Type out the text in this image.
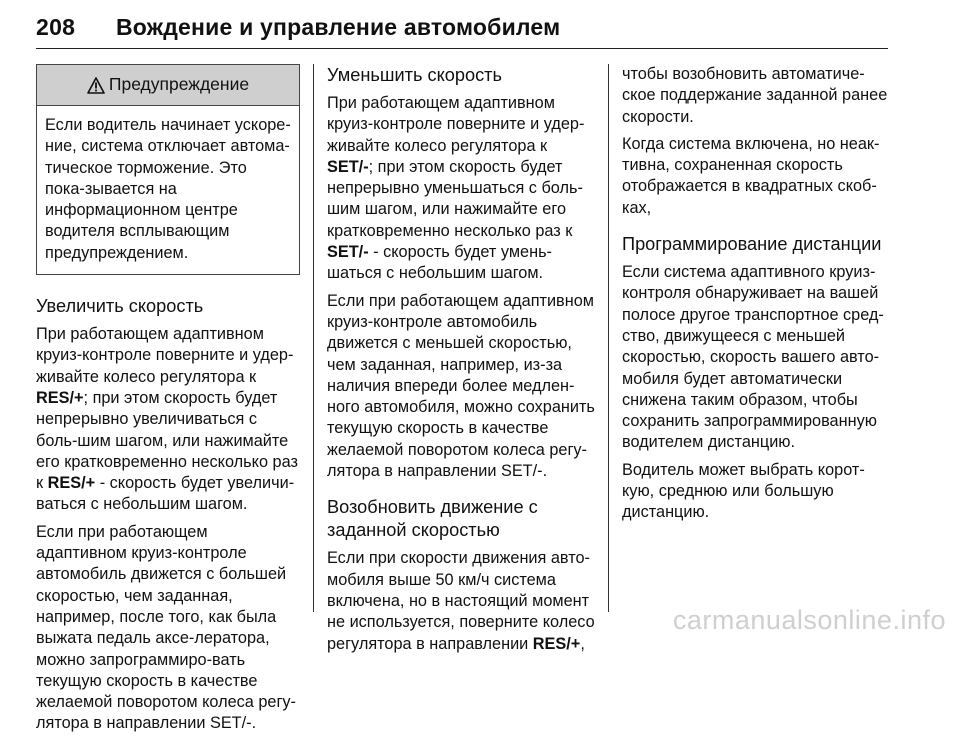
208 Вождение и управление автомобилем
Предупреждение
Если водитель начинает ускоре-ние, система отключает автома-тическое торможение. Это пока-зывается на информационном центре водителя всплывающим предупреждением.
Увеличить скорость

При работающем адаптивном круиз-контроле поверните и удер-живайте колесо регулятора к RES/+; при этом скорость будет непрерывно увеличиваться с боль-шим шагом, или нажимайте его кратковременно несколько раз к RES/+ - скорость будет увеличи-ваться с небольшим шагом.

Если при работающем адаптивном круиз-контроле автомобиль движется с большей скоростью, чем заданная, например, после того, как была выжата педаль аксе-лератора, можно запрограммиро-вать текущую скорость в качестве желаемой поворотом колеса регу-лятора в направлении SET/-.

Уменьшить скорость

При работающем адаптивном круиз-контроле поверните и удер-живайте колесо регулятора к SET/-; при этом скорость будет непрерывно уменьшаться с боль-шим шагом, или нажимайте его кратковременно несколько раз к SET/- - скорость будет умень-шаться с небольшим шагом.

Если при работающем адаптивном круиз-контроле автомобиль движется с меньшей скоростью, чем заданная, например, из-за наличия впереди более медлен-ного автомобиля, можно сохранить текущую скорость в качестве желаемой поворотом колеса регу-лятора в направлении SET/-.

Возобновить движение с заданной скоростью

Если при скорости движения авто-мобиля выше 50 км/ч система включена, но в настоящий момент не используется, поверните колесо регулятора в направлении RES/+,

чтобы возобновить автоматиче-ское поддержание заданной ранее скорости.

Когда система включена, но неак-тивна, сохраненная скорость отображается в квадратных скоб-ках,

Программирование дистанции

Если система адаптивного круиз-контроля обнаруживает на вашей полосе другое транспортное сред-ство, движущееся с меньшей скоростью, скорость вашего авто-мобиля будет автоматически снижена таким образом, чтобы сохранить запрограммированную водителем дистанцию.

Водитель может выбрать корот-кую, среднюю или большую дистанцию.

carmanualsonline.info
